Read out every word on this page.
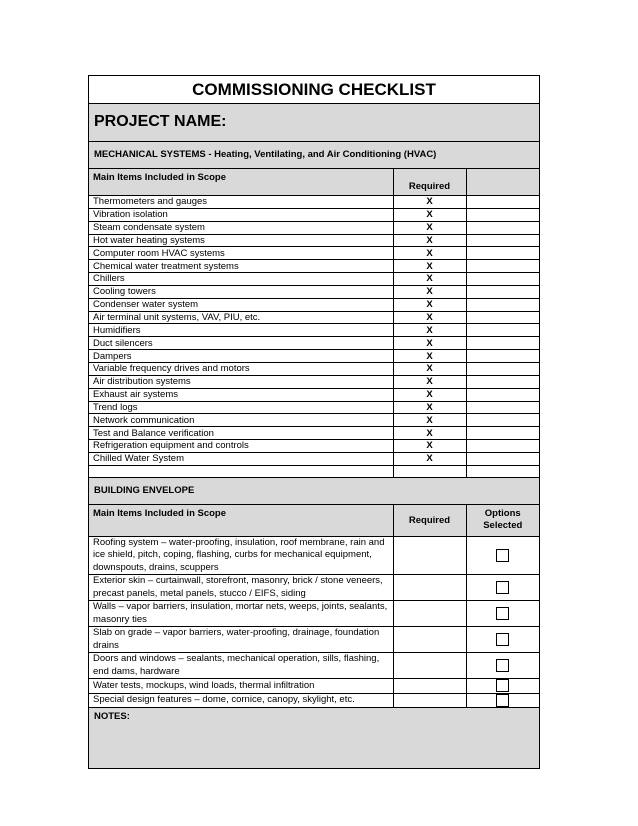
COMMISSIONING CHECKLIST
PROJECT NAME:
MECHANICAL SYSTEMS - Heating, Ventilating, and Air Conditioning (HVAC)
Main Items Included in Scope	Required	
Thermometers and gauges	X	
Vibration isolation	X	
Steam condensate system	X	
Hot water heating systems	X	
Computer room HVAC systems	X	
Chemical water treatment systems	X	
Chillers	X	
Cooling towers	X	
Condenser water system	X	
Air terminal unit systems, VAV, PIU, etc.	X	
Humidifiers	X	
Duct silencers	X	
Dampers	X	
Variable frequency drives and motors	X	
Air distribution systems	X	
Exhaust air systems	X	
Trend logs	X	
Network communication	X	
Test and Balance verification	X	
Refrigeration equipment and controls	X	
Chilled Water System	X	

BUILDING ENVELOPE
Main Items Included in Scope	Required	Options Selected
Roofing system – water-proofing, insulation, roof membrane, rain and ice shield, pitch, coping, flashing, curbs for mechanical equipment, downspouts, drains, scuppers		
Exterior skin – curtainwall, storefront, masonry, brick / stone veneers, precast panels, metal panels, stucco / EIFS, siding		
Walls – vapor barriers, insulation, mortar nets, weeps, joints, sealants, masonry ties		
Slab on grade – vapor barriers, water-proofing, drainage, foundation drains		
Doors and windows – sealants, mechanical operation, sills, flashing, end dams, hardware		
Water tests, mockups, wind loads, thermal infiltration		
Special design features – dome, cornice, canopy, skylight, etc.		
NOTES:
